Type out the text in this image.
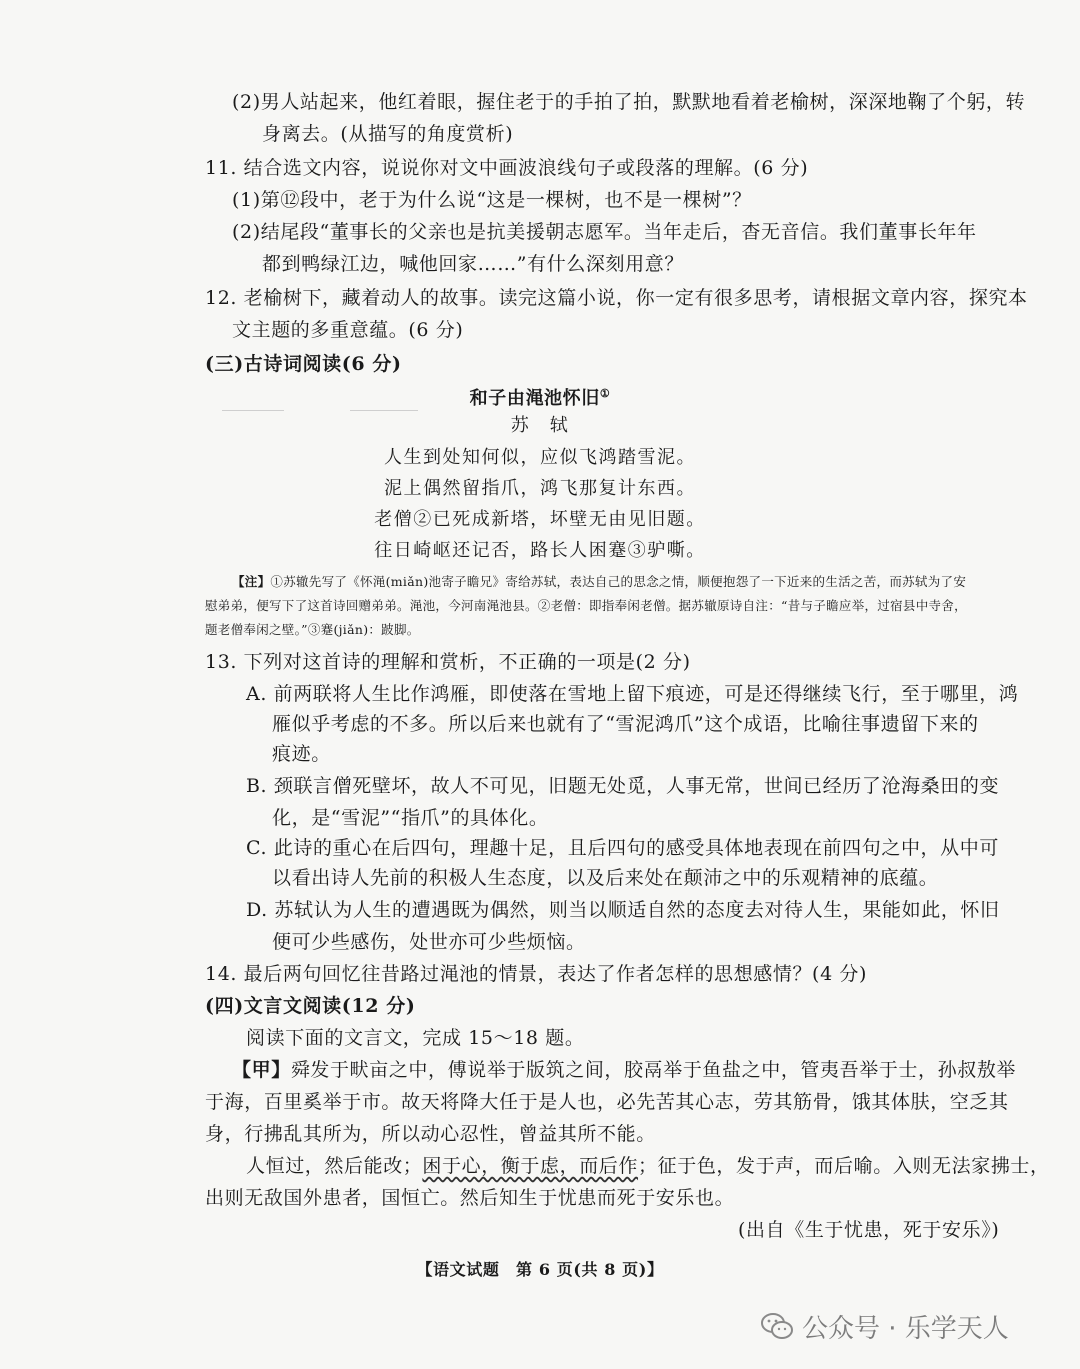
(2)男人站起来，他红着眼，握住老于的手拍了拍，默默地看着老榆树，深深地鞠了个躬，转
身离去。(从描写的角度赏析)
11. 结合选文内容，说说你对文中画波浪线句子或段落的理解。(6 分)
(1)第⑫段中，老于为什么说“这是一棵树，也不是一棵树”？
(2)结尾段“董事长的父亲也是抗美援朝志愿军。当年走后，杳无音信。我们董事长年年
都到鸭绿江边，喊他回家……”有什么深刻用意？
12. 老榆树下，藏着动人的故事。读完这篇小说，你一定有很多思考，请根据文章内容，探究本
文主题的多重意蕴。(6 分)
(三)古诗词阅读(6 分)
和子由渑池怀旧①
苏　轼
人生到处知何似，应似飞鸿踏雪泥。
泥上偶然留指爪，鸿飞那复计东西。
老僧②已死成新塔，坏壁无由见旧题。
往日崎岖还记否，路长人困蹇③驴嘶。
【注】①苏辙先写了《怀渑(miǎn)池寄子瞻兄》寄给苏轼，表达自己的思念之情，顺便抱怨了一下近来的生活之苦，而苏轼为了安
慰弟弟，便写下了这首诗回赠弟弟。渑池，今河南渑池县。②老僧：即指奉闲老僧。据苏辙原诗自注：“昔与子瞻应举，过宿县中寺舍，
题老僧奉闲之壁。”③蹇(jiǎn)：跛脚。
13. 下列对这首诗的理解和赏析，不正确的一项是(2 分)
A. 前两联将人生比作鸿雁，即使落在雪地上留下痕迹，可是还得继续飞行，至于哪里，鸿
雁似乎考虑的不多。所以后来也就有了“雪泥鸿爪”这个成语，比喻往事遗留下来的
痕迹。
B. 颈联言僧死壁坏，故人不可见，旧题无处觅，人事无常，世间已经历了沧海桑田的变
化，是“雪泥”“指爪”的具体化。
C. 此诗的重心在后四句，理趣十足，且后四句的感受具体地表现在前四句之中，从中可
以看出诗人先前的积极人生态度，以及后来处在颠沛之中的乐观精神的底蕴。
D. 苏轼认为人生的遭遇既为偶然，则当以顺适自然的态度去对待人生，果能如此，怀旧
便可少些感伤，处世亦可少些烦恼。
14. 最后两句回忆往昔路过渑池的情景，表达了作者怎样的思想感情？(4 分)
(四)文言文阅读(12 分)
阅读下面的文言文，完成 15～18 题。
【甲】舜发于畎亩之中，傅说举于版筑之间，胶鬲举于鱼盐之中，管夷吾举于士，孙叔敖举
于海，百里奚举于市。故天将降大任于是人也，必先苦其心志，劳其筋骨，饿其体肤，空乏其
身，行拂乱其所为，所以动心忍性，曾益其所不能。
人恒过，然后能改；困于心，衡于虑，而后作；征于色，发于声，而后喻。入则无法家拂士，
出则无敌国外患者，国恒亡。然后知生于忧患而死于安乐也。
(出自《生于忧患，死于安乐》)
【语文试题　第 6 页(共 8 页)】
公众号 · 乐学天人
